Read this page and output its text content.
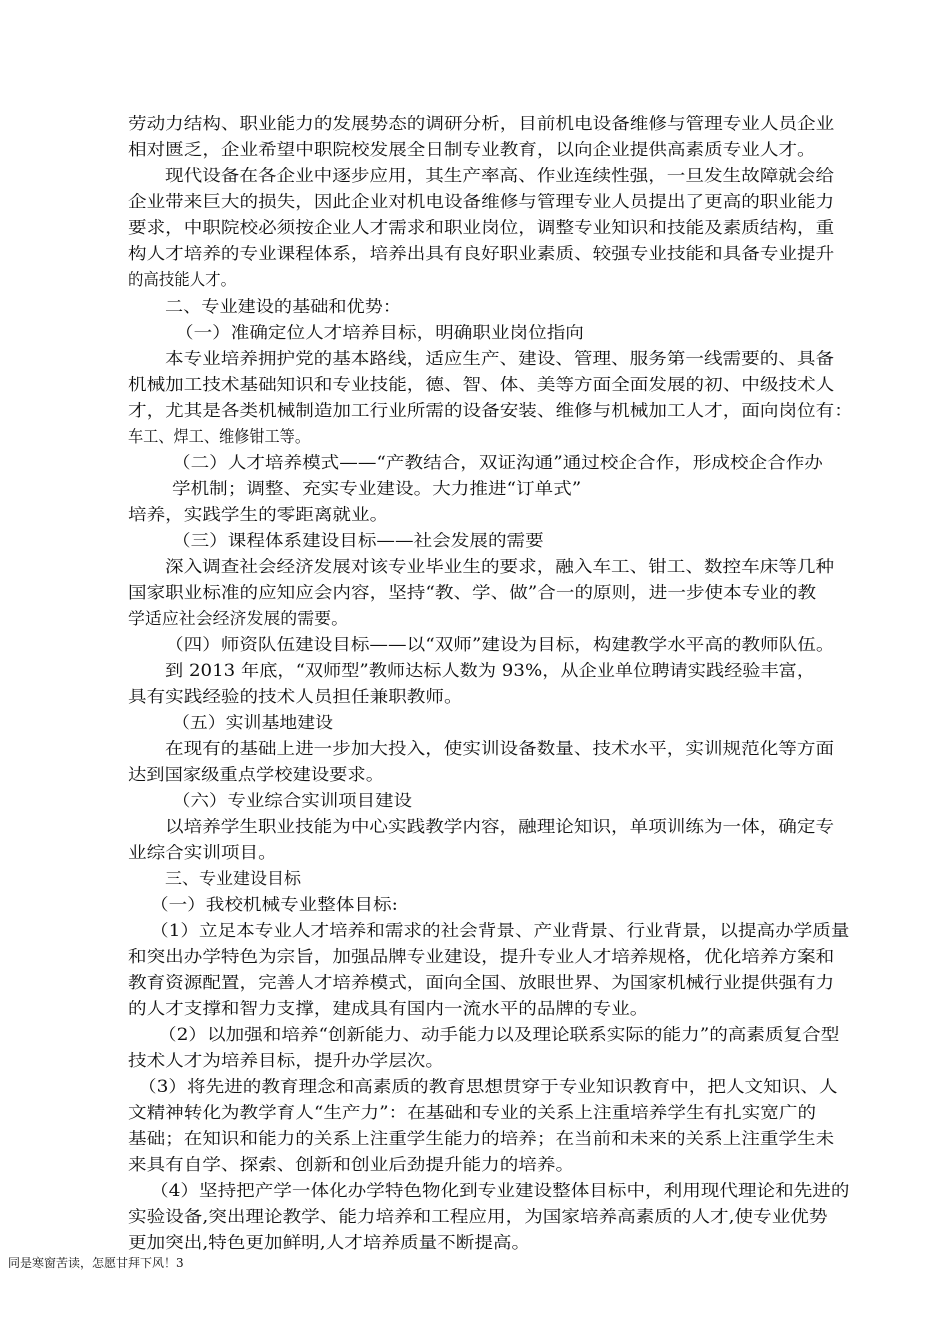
劳动力结构、职业能力的发展势态的调研分析，目前机电设备维修与管理专业人员企业
相对匮乏，企业希望中职院校发展全日制专业教育，以向企业提供高素质专业人才。
现代设备在各企业中逐步应用，其生产率高、作业连续性强，一旦发生故障就会给
企业带来巨大的损失，因此企业对机电设备维修与管理专业人员提出了更高的职业能力
要求，中职院校必须按企业人才需求和职业岗位，调整专业知识和技能及素质结构，重
构人才培养的专业课程体系，培养出具有良好职业素质、较强专业技能和具备专业提升
的高技能人才。
二、专业建设的基础和优势：
（一）准确定位人才培养目标，明确职业岗位指向
本专业培养拥护党的基本路线，适应生产、建设、管理、服务第一线需要的、具备
机械加工技术基础知识和专业技能，德、智、体、美等方面全面发展的初、中级技术人
才，尤其是各类机械制造加工行业所需的设备安装、维修与机械加工人才，面向岗位有：
车工、焊工、维修钳工等。
（二）人才培养模式——“产教结合，双证沟通”通过校企合作，形成校企合作办
学机制；调整、充实专业建设。大力推进“订单式”
培养，实践学生的零距离就业。
（三）课程体系建设目标——社会发展的需要
深入调查社会经济发展对该专业毕业生的要求，融入车工、钳工、数控车床等几种
国家职业标准的应知应会内容，坚持“教、学、做”合一的原则，进一步使本专业的教
学适应社会经济发展的需要。
（四）师资队伍建设目标——以“双师”建设为目标，构建教学水平高的教师队伍。
到 2013 年底，“双师型”教师达标人数为 93%，从企业单位聘请实践经验丰富，
具有实践经验的技术人员担任兼职教师。
（五）实训基地建设
在现有的基础上进一步加大投入，使实训设备数量、技术水平，实训规范化等方面
达到国家级重点学校建设要求。
（六）专业综合实训项目建设
以培养学生职业技能为中心实践教学内容，融理论知识，单项训练为一体，确定专
业综合实训项目。
三、专业建设目标
（一）我校机械专业整体目标:
（1）立足本专业人才培养和需求的社会背景、产业背景、行业背景，以提高办学质量
和突出办学特色为宗旨，加强品牌专业建设，提升专业人才培养规格，优化培养方案和
教育资源配置，完善人才培养模式，面向全国、放眼世界、为国家机械行业提供强有力
的人才支撑和智力支撑，建成具有国内一流水平的品牌的专业。
（2）以加强和培养“创新能力、动手能力以及理论联系实际的能力”的高素质复合型
技术人才为培养目标，提升办学层次。
（3）将先进的教育理念和高素质的教育思想贯穿于专业知识教育中，把人文知识、人
文精神转化为教学育人“生产力”：在基础和专业的关系上注重培养学生有扎实宽广的
基础；在知识和能力的关系上注重学生能力的培养；在当前和未来的关系上注重学生未
来具有自学、探索、创新和创业后劲提升能力的培养。
（4）坚持把产学一体化办学特色物化到专业建设整体目标中，利用现代理论和先进的
实验设备,突出理论教学、能力培养和工程应用，为国家培养高素质的人才,使专业优势
更加突出,特色更加鲜明,人才培养质量不断提高。
同是寒窗苦读，怎愿甘拜下风！3
